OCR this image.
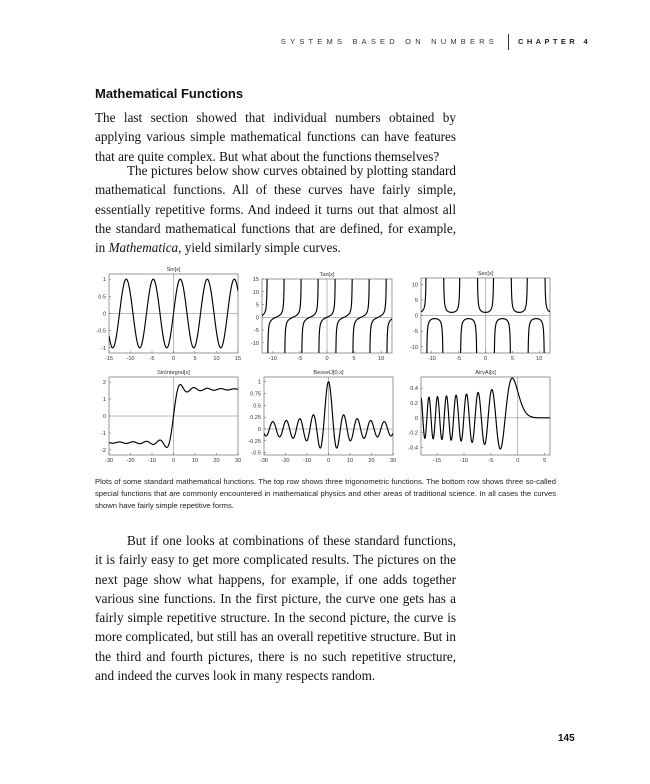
SYSTEMS BASED ON NUMBERS	CHAPTER 4
Mathematical Functions

The last section showed that individual numbers obtained by applying various simple mathematical functions can have features that are quite complex. But what about the functions themselves?

The pictures below show curves obtained by plotting standard mathematical functions. All of these curves have fairly simple, essentially repetitive forms. And indeed it turns out that almost all the standard mathematical functions that are defined, for example, in Mathematica, yield similarly simple curves.

Sin[x]
-15 -10	-5	0	5	10	15
1
0.5
0
-0.5
-1
Tan[x]
-10	-5	0	5	10
15
10
5
0
-5
-10
Sec[x]
-10	-5	0	5	10
10
5
0
-5
-10
SinIntegral[x]
-30 -20 -10	0	10	20	30
2
1
0
-1
-2
BesselJ[0,x]
-30 -20 -10	0	10	20	30
1
0.75
0.5
0.25
0
-0.25
-0.5
AiryAi[x]
-15	-10	-5	0	5
0.4
0.2
0
-0.2
-0.4

Plots of some standard mathematical functions. The top row shows three trigonometric functions. The bottom row shows three so-called special functions that are commonly encountered in mathematical physics and other areas of traditional science. In all cases the curves shown have fairly simple repetitive forms.

But if one looks at combinations of these standard functions, it is fairly easy to get more complicated results. The pictures on the next page show what happens, for example, if one adds together various sine functions. In the first picture, the curve one gets has a fairly simple repetitive structure. In the second picture, the curve is more complicated, but still has an overall repetitive structure. But in the third and fourth pictures, there is no such repetitive structure, and indeed the curves look in many respects random.

145
